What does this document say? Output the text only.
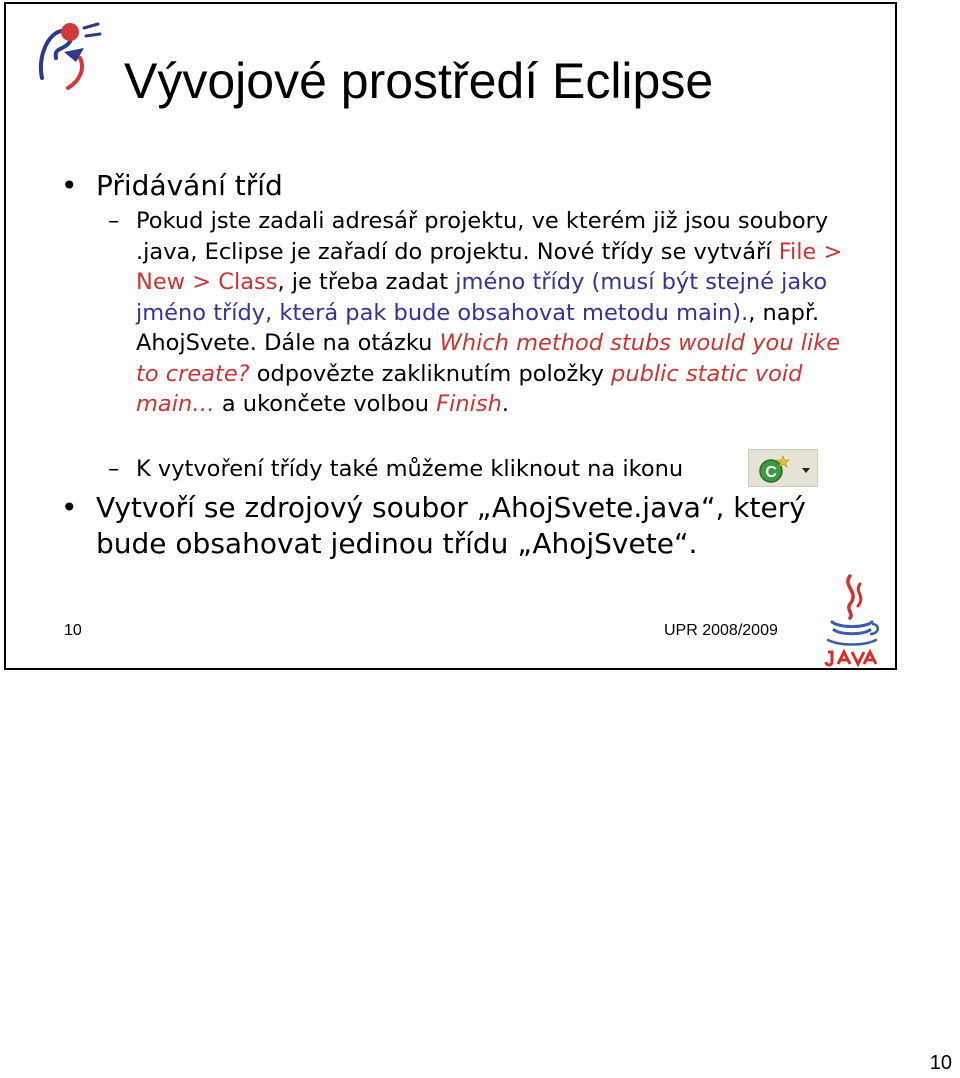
Vývojové prostředí Eclipse
• Přidávání tříd
– Pokud jste zadali adresář projektu, ve kterém již jsou soubory .java, Eclipse je zařadí do projektu. Nové třídy se vytváří File > New > Class, je třeba zadat jméno třídy (musí být stejné jako jméno třídy, která pak bude obsahovat metodu main)., např. AhojSvete. Dále na otázku Which method stubs would you like to create? odpovězte zakliknutím položky public static void main… a ukončete volbou Finish.
– K vytvoření třídy také můžeme kliknout na ikonu
• Vytvoří se zdrojový soubor „AhojSvete.java“, který bude obsahovat jedinou třídu „AhojSvete“.
10	UPR 2008/2009
C
10
